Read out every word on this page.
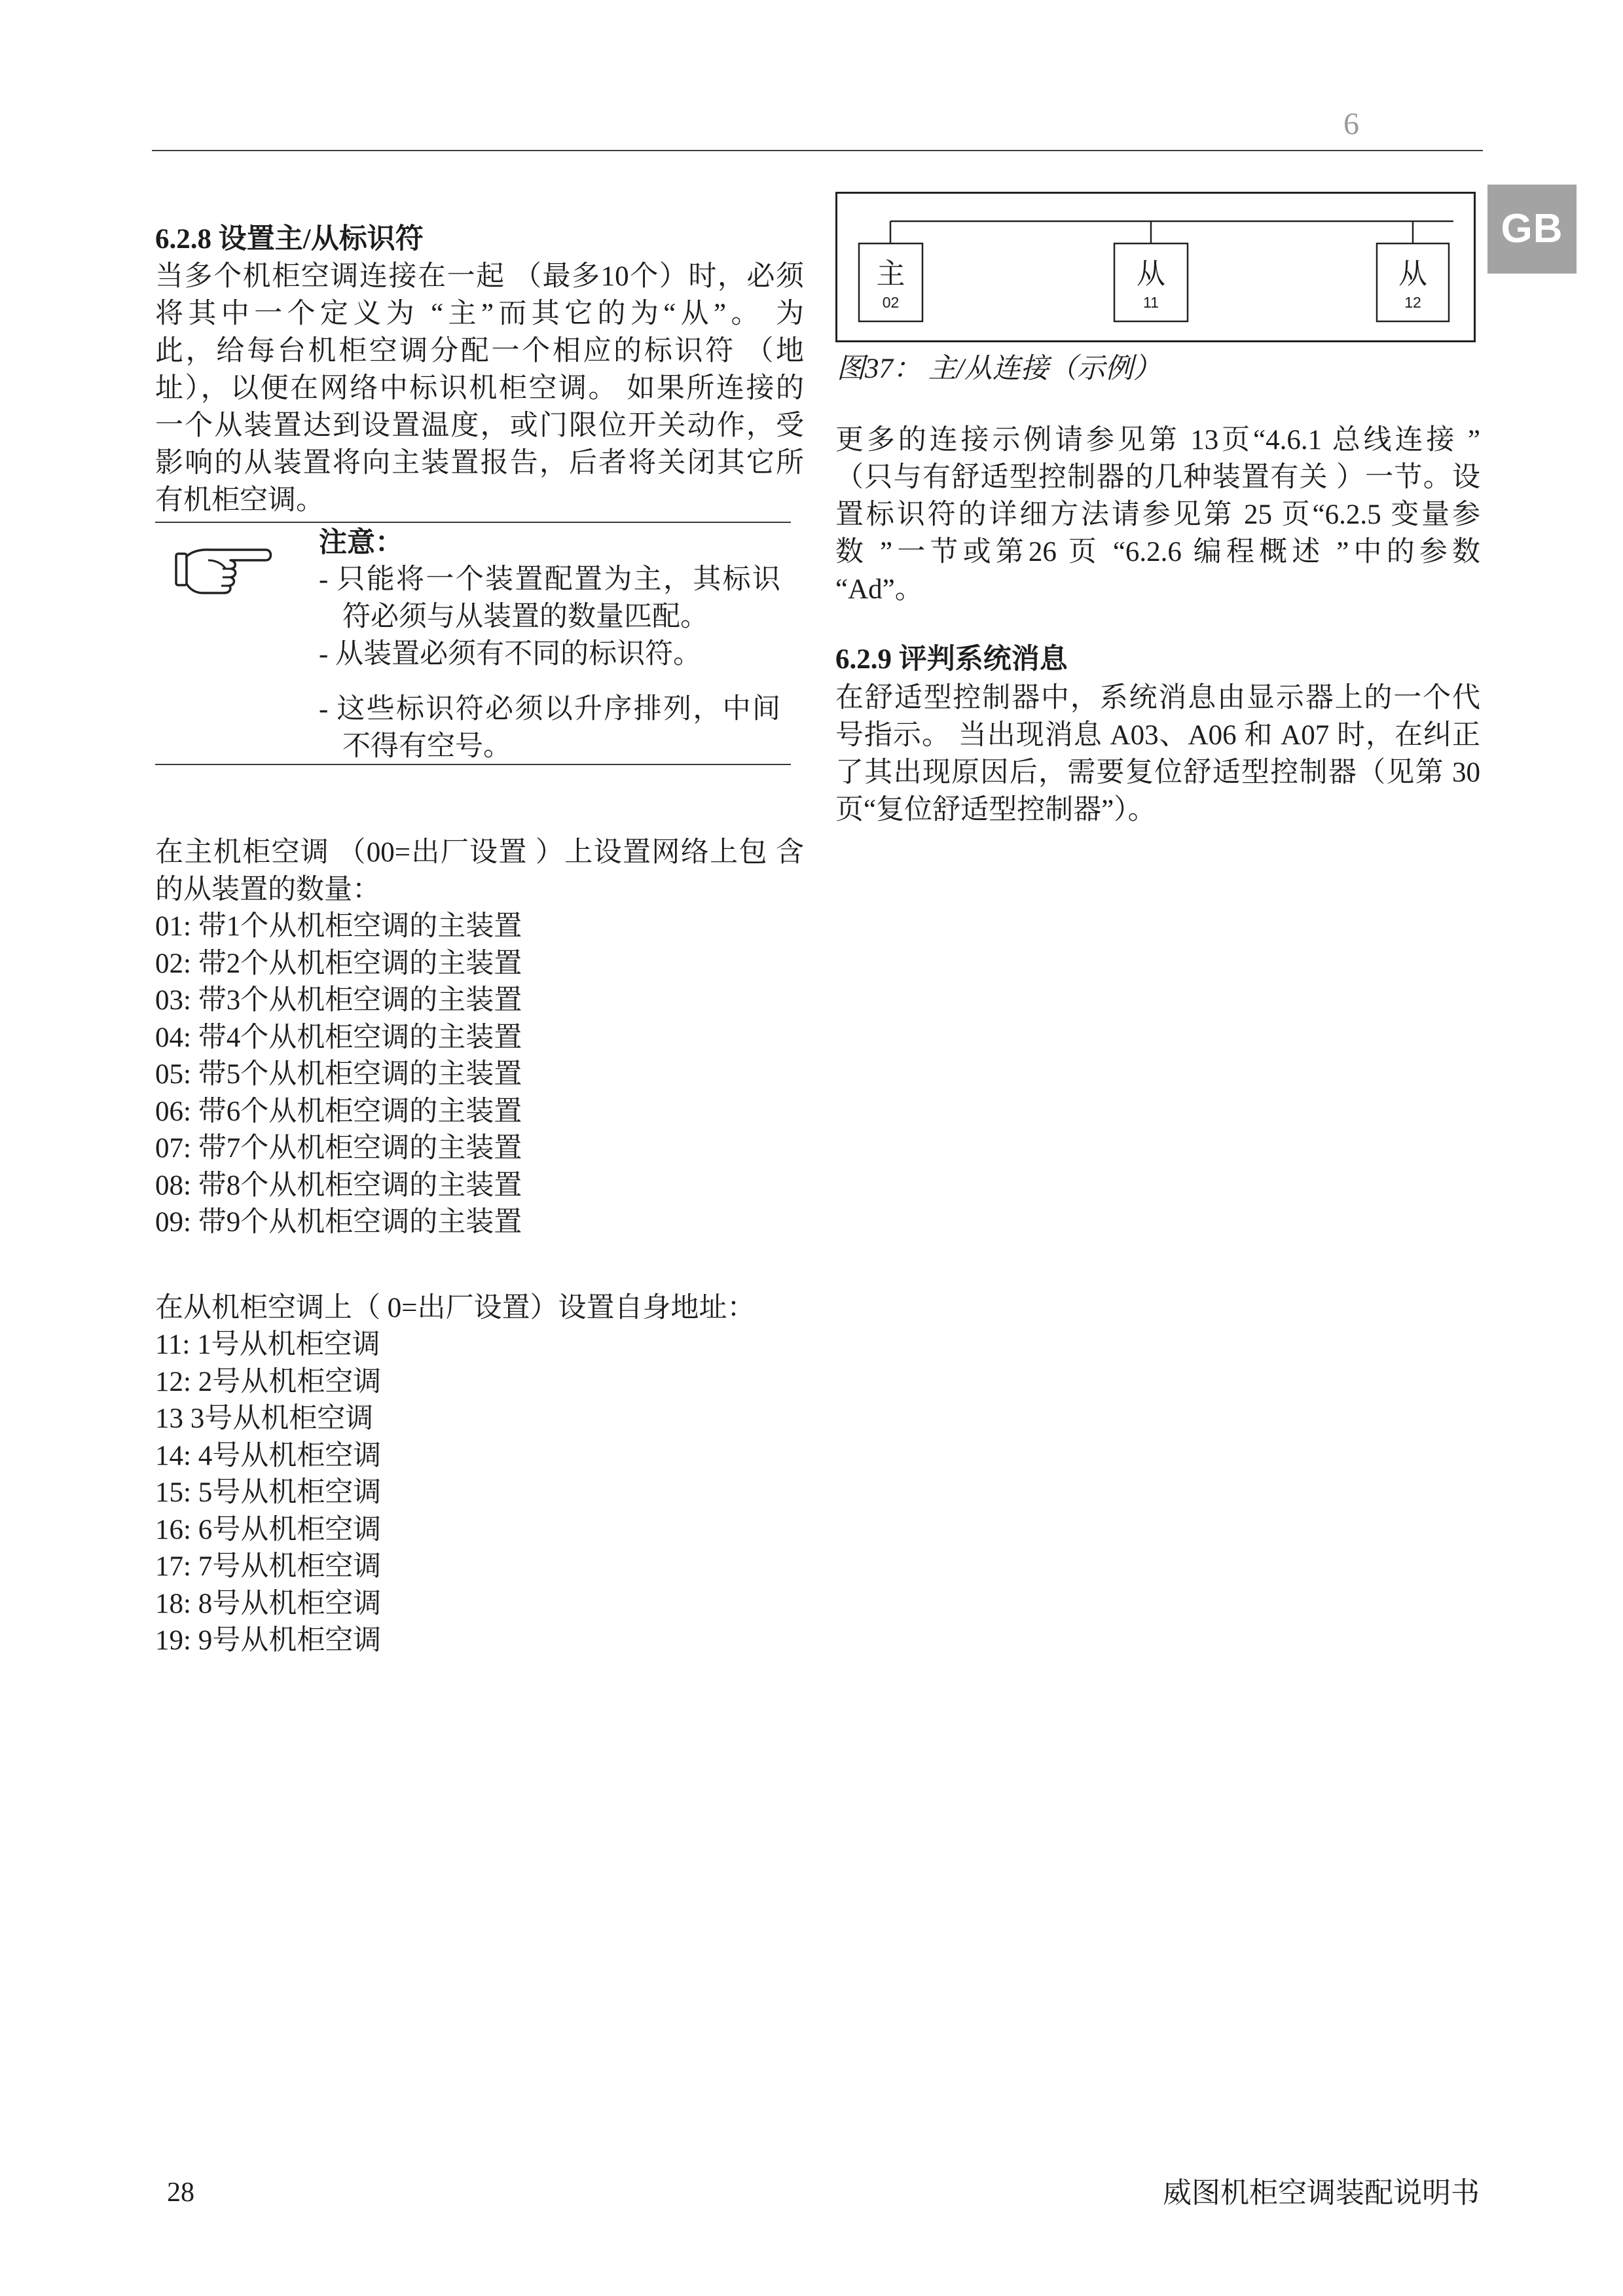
6
GB
6.2.8 设置主/从标识符
当多个机柜空调连接在一起 （最多10个）时，必须
将其中一个定义为 “主”而其它的为“从”。 为
此，给每台机柜空调分配一个相应的标识符 （地
址），以便在网络中标识机柜空调。 如果所连接的
一个从装置达到设置温度，或门限位开关动作，受
影响的从装置将向主装置报告，后者将关闭其它所
有机柜空调。
注意：
- 只能将一个装置配置为主，其标识
符必须与从装置的数量匹配。
- 从装置必须有不同的标识符。
- 这些标识符必须以升序排列，中间
不得有空号。
在主机柜空调 （00=出厂设置 ）上设置网络上包 含
的从装置的数量：
01: 带1个从机柜空调的主装置
02: 带2个从机柜空调的主装置
03: 带3个从机柜空调的主装置
04: 带4个从机柜空调的主装置
05: 带5个从机柜空调的主装置
06: 带6个从机柜空调的主装置
07: 带7个从机柜空调的主装置
08: 带8个从机柜空调的主装置
09: 带9个从机柜空调的主装置
在从机柜空调上（ 0=出厂设置）设置自身地址：
11: 1号从机柜空调
12: 2号从机柜空调
13 3号从机柜空调
14: 4号从机柜空调
15: 5号从机柜空调
16: 6号从机柜空调
17: 7号从机柜空调
18: 8号从机柜空调
19: 9号从机柜空调
主
02
从
11
从
12
图37： 主/从连接（示例）
更多的连接示例请参见第 13页“4.6.1 总线连接 ”
（只与有舒适型控制器的几种装置有关 ）一节。设
置标识符的详细方法请参见第 25 页“6.2.5 变量参
数 ”一节或第26 页 “6.2.6 编程概述 ”中的参数
“Ad”。
6.2.9 评判系统消息
在舒适型控制器中，系统消息由显示器上的一个代
号指示。 当出现消息 A03、A06 和 A07 时，在纠正
了其出现原因后，需要复位舒适型控制器（见第 30
页“复位舒适型控制器”）。
28	威图机柜空调装配说明书
